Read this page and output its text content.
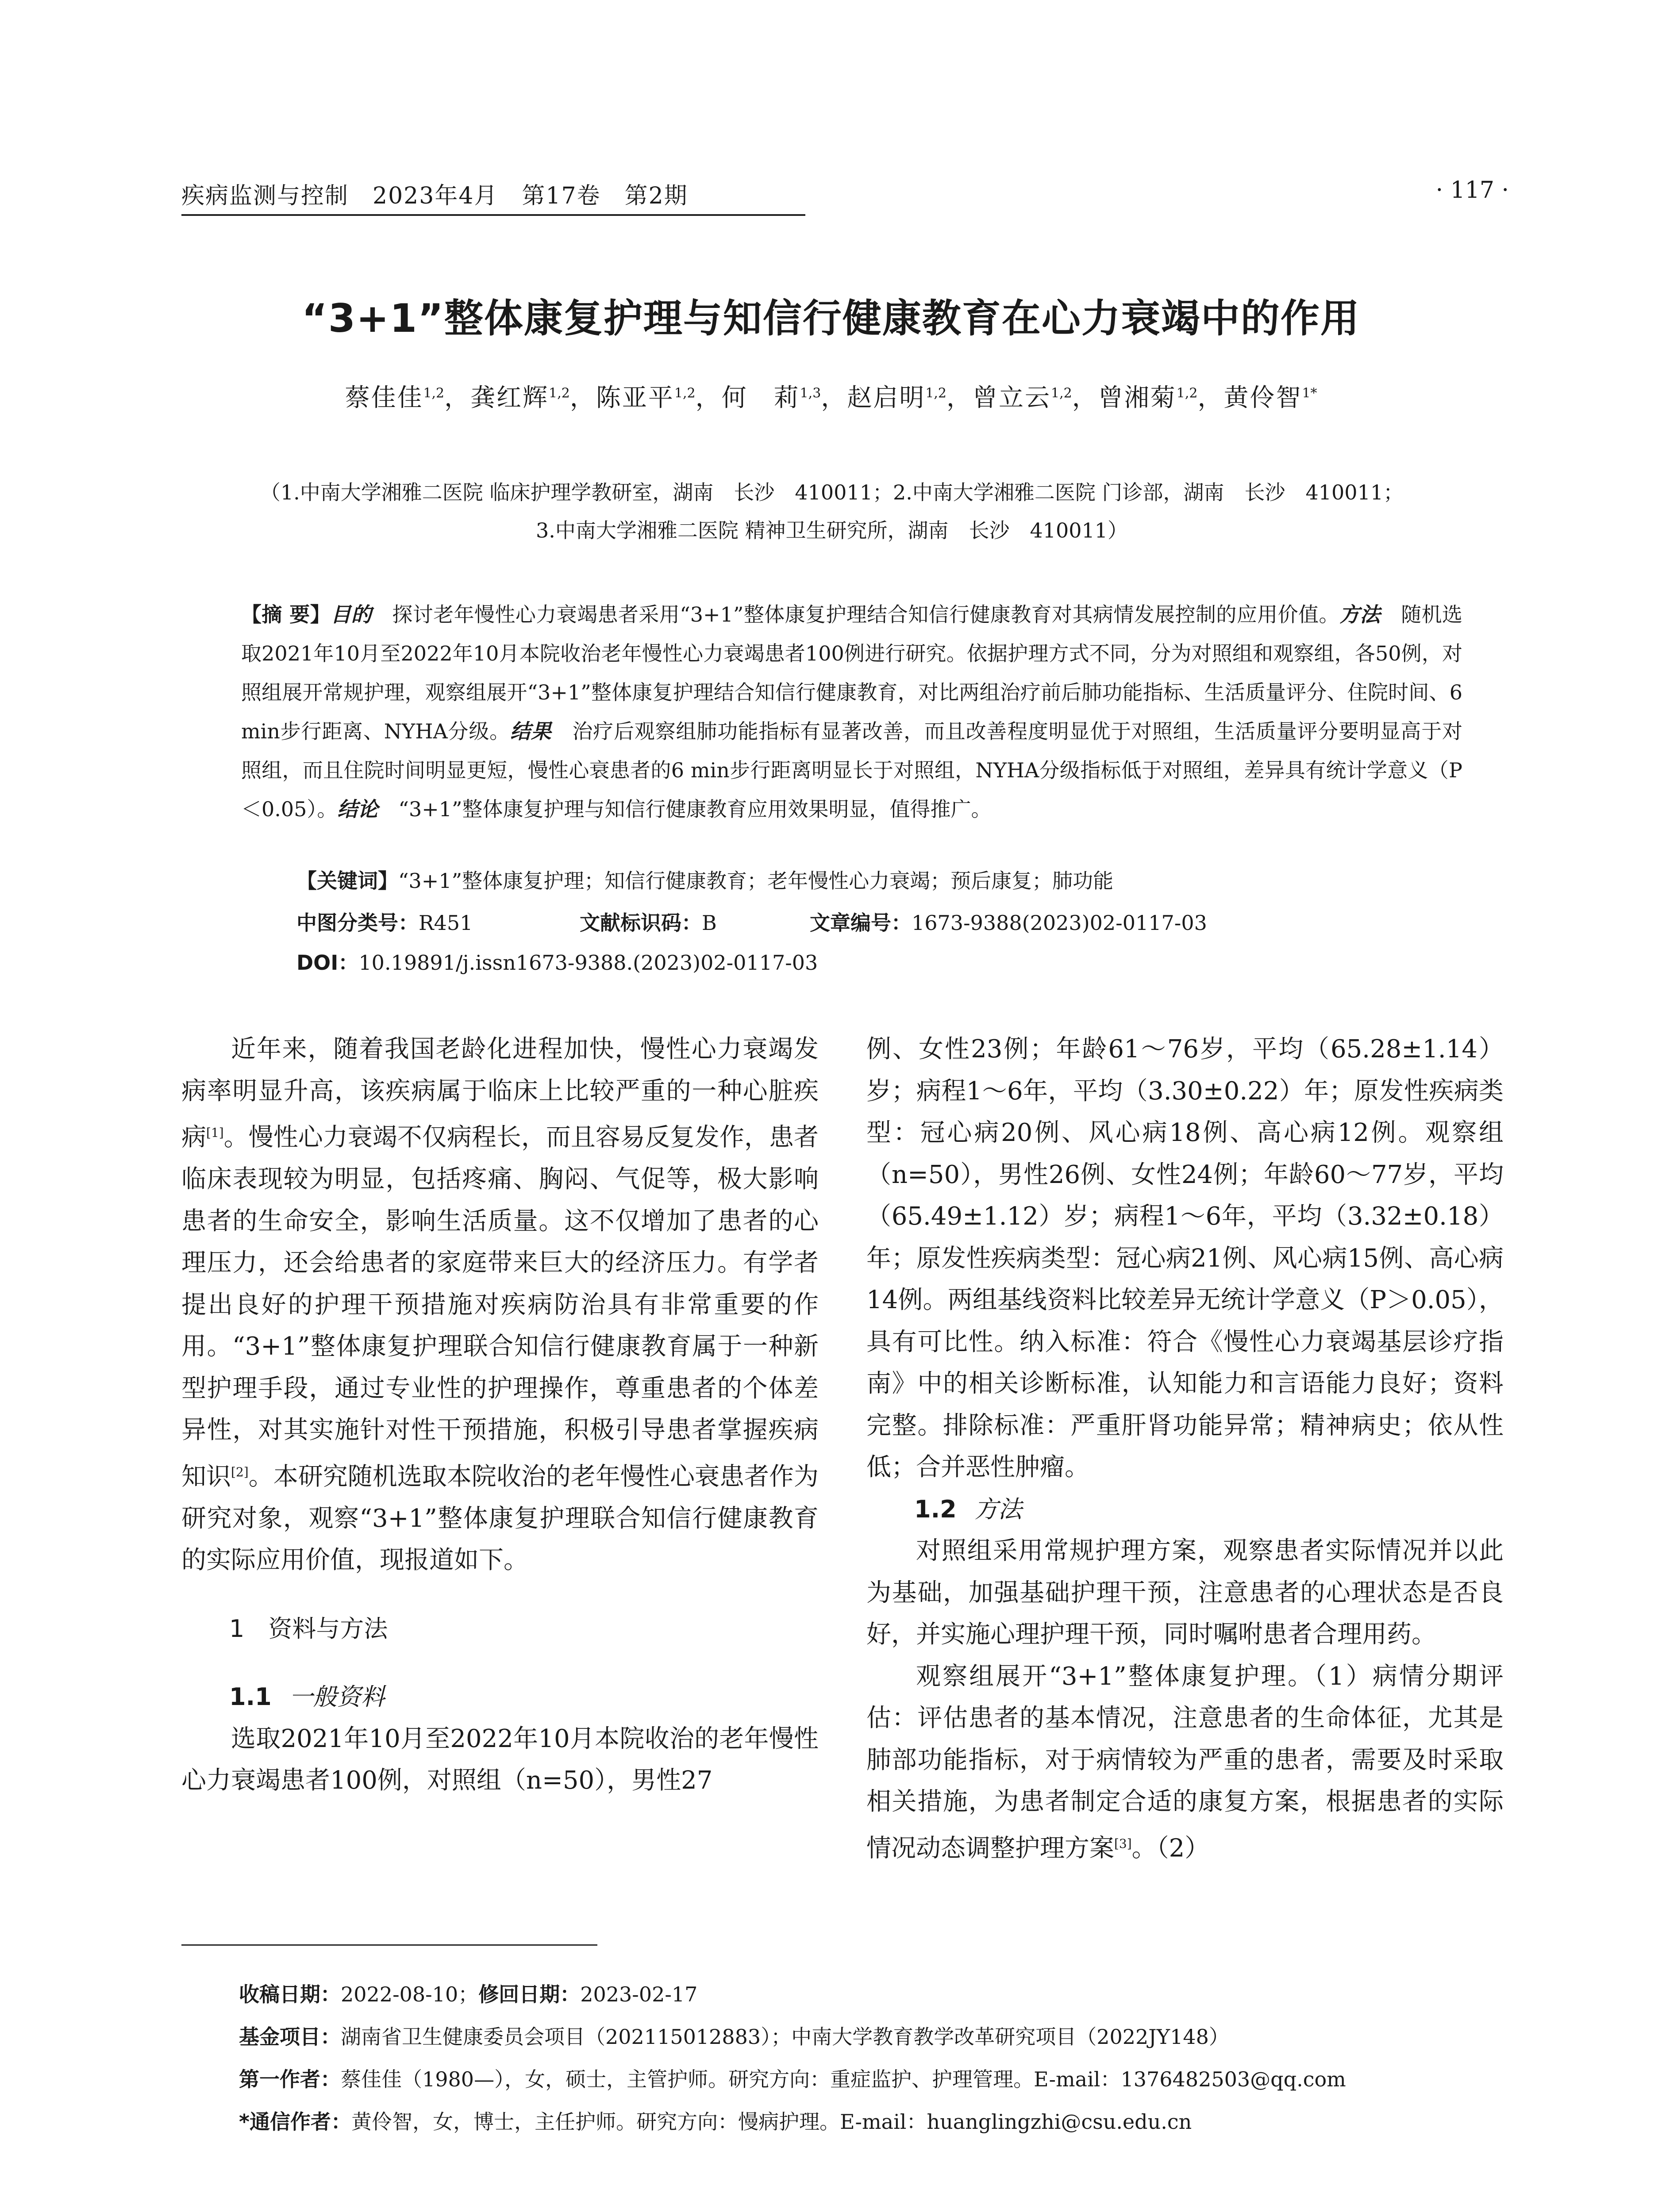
疾病监测与控制　2023年4月　第17卷　第2期	· 117 ·
“3+1”整体康复护理与知信行健康教育在心力衰竭中的作用
蔡佳佳$^{1,2}$，龚红辉$^{1,2}$，陈亚平$^{1,2}$，何　莉$^{1,3}$，赵启明$^{1,2}$，曾立云$^{1,2}$，曾湘菊$^{1,2}$，黄伶智$^{1*}$
（1.中南大学湘雅二医院 临床护理学教研室，湖南　长沙　410011；2.中南大学湘雅二医院 门诊部，湖南　长沙　410011；
3.中南大学湘雅二医院 精神卫生研究所，湖南　长沙　410011）
【摘 要】目的　 探讨老年慢性心力衰竭患者采用“3+1”整体康复护理结合知信行健康教育对其病情发展控制的应用价值。方法　 随机选取2021年10月至2022年10月本院收治老年慢性心力衰竭患者100例进行研究。依据护理方式不同，分为对照组和观察组，各50例，对照组展开常规护理，观察组展开“3+1”整体康复护理结合知信行健康教育，对比两组治疗前后肺功能指标、生活质量评分、住院时间、6 min步行距离、NYHA分级。结果　 治疗后观察组肺功能指标有显著改善，而且改善程度明显优于对照组，生活质量评分要明显高于对照组，而且住院时间明显更短，慢性心衰患者的6 min步行距离明显长于对照组，NYHA分级指标低于对照组，差异具有统计学意义（P＜0.05）。结论　 “3+1”整体康复护理与知信行健康教育应用效果明显，值得推广。
【关键词】“3+1”整体康复护理；知信行健康教育；老年慢性心力衰竭；预后康复；肺功能
中图分类号：R451	文献标识码：B	文章编号：1673-9388(2023)02-0117-03
DOI：10.19891/j.issn1673-9388.(2023)02-0117-03

近年来，随着我国老龄化进程加快，慢性心力衰竭发病率明显升高，该疾病属于临床上比较严重的一种心脏疾病[1]。慢性心力衰竭不仅病程长，而且容易反复发作，患者临床表现较为明显，包括疼痛、胸闷、气促等，极大影响患者的生命安全，影响生活质量。这不仅增加了患者的心理压力，还会给患者的家庭带来巨大的经济压力。有学者提出良好的护理干预措施对疾病防治具有非常重要的作用。“3+1”整体康复护理联合知信行健康教育属于一种新型护理手段，通过专业性的护理操作，尊重患者的个体差异性，对其实施针对性干预措施，积极引导患者掌握疾病知识[2]。本研究随机选取本院收治的老年慢性心衰患者作为研究对象，观察“3+1”整体康复护理联合知信行健康教育的实际应用价值，现报道如下。

1　资料与方法

1.1 一般资料

选取2021年10月至2022年10月本院收治的老年慢性心力衰竭患者100例，对照组（n=50），男性27

例、女性23例；年龄61～76岁，平均（65.28±1.14）岁；病程1～6年，平均（3.30±0.22）年；原发性疾病类型：冠心病20例、风心病18例、高心病12例。观察组（n=50），男性26例、女性24例；年龄60～77岁，平均（65.49±1.12）岁；病程1～6年，平均（3.32±0.18）年；原发性疾病类型：冠心病21例、风心病15例、高心病14例。两组基线资料比较差异无统计学意义（P＞0.05），具有可比性。纳入标准：符合《慢性心力衰竭基层诊疗指南》中的相关诊断标准，认知能力和言语能力良好；资料完整。排除标准：严重肝肾功能异常；精神病史；依从性低；合并恶性肿瘤。

1.2 方法

对照组采用常规护理方案，观察患者实际情况并以此为基础，加强基础护理干预，注意患者的心理状态是否良好，并实施心理护理干预，同时嘱咐患者合理用药。

观察组展开“3+1”整体康复护理。（1）病情分期评估：评估患者的基本情况，注意患者的生命体征，尤其是肺部功能指标，对于病情较为严重的患者，需要及时采取相关措施，为患者制定合适的康复方案，根据患者的实际情况动态调整护理方案[3]。（2）

收稿日期：2022-08-10；修回日期：2023-02-17
基金项目：湖南省卫生健康委员会项目（202115012883）；中南大学教育教学改革研究项目（2022JY148）
第一作者：蔡佳佳（1980—），女，硕士，主管护师。研究方向：重症监护、护理管理。E-mail：1376482503@qq.com
*通信作者：黄伶智，女，博士，主任护师。研究方向：慢病护理。E-mail：huanglingzhi@csu.edu.cn
